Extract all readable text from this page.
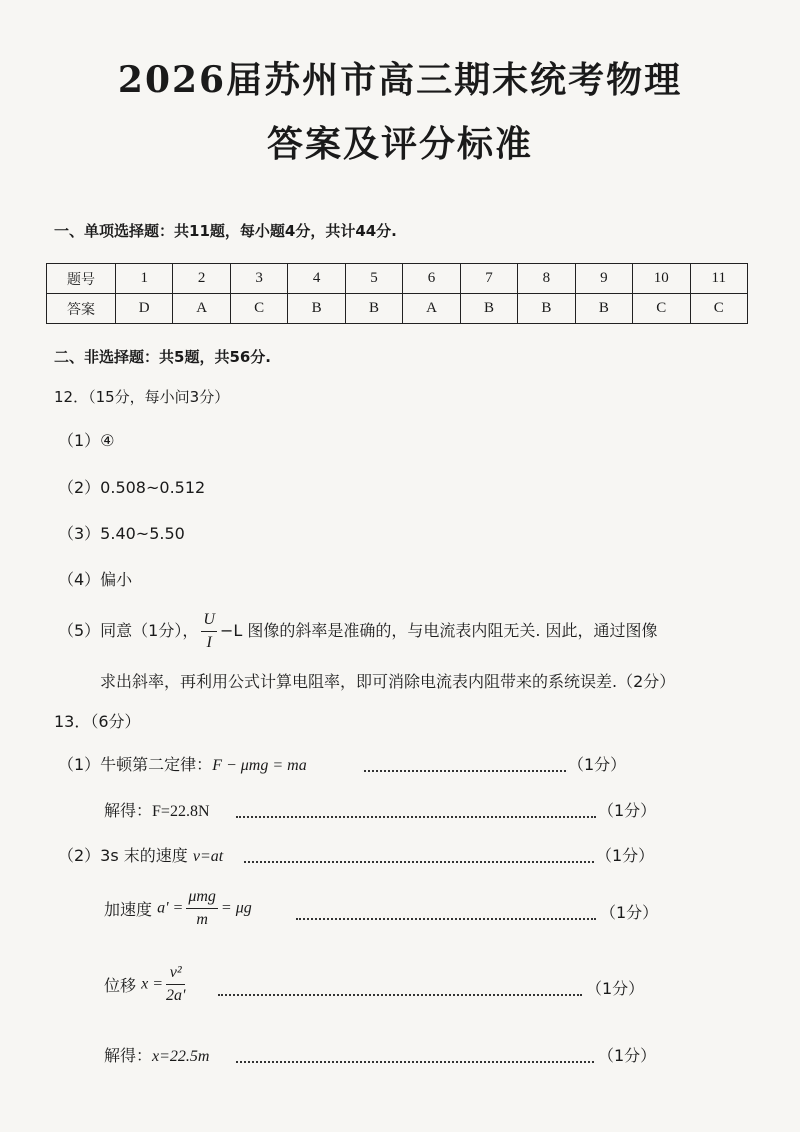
2026届苏州市高三期末统考物理
答案及评分标准
一、单项选择题：共11题，每小题4分，共计44分.
题号	1	2	3	4	5	6	7	8	9	10	11
答案	D	A	C	B	B	A	B	B	B	C	C
二、非选择题：共5题，共56分.
12．（15分，每小问3分）
（1）④
（2）0.508~0.512
（3）5.40~5.50
（4）偏小
（5）同意（1分）， $\frac{U}{I} -L$ 图像的斜率是准确的，与电流表内阻无关. 因此，通过图像
求出斜率，再利用公式计算电阻率，即可消除电流表内阻带来的系统误差.（2分）
13．（6分）
（1）牛顿第二定律：F − μmg = ma	（1分）
解得：F=22.8N	（1分）
（2）3s 末的速度 v=at	（1分）
加速度 $a' = \frac{\text{μmg}}{m} = \mu g$	（1分）
位移 $x = \frac{\text{v²}}{2a'}$	（1分）
解得：x=22.5m	（1分）
